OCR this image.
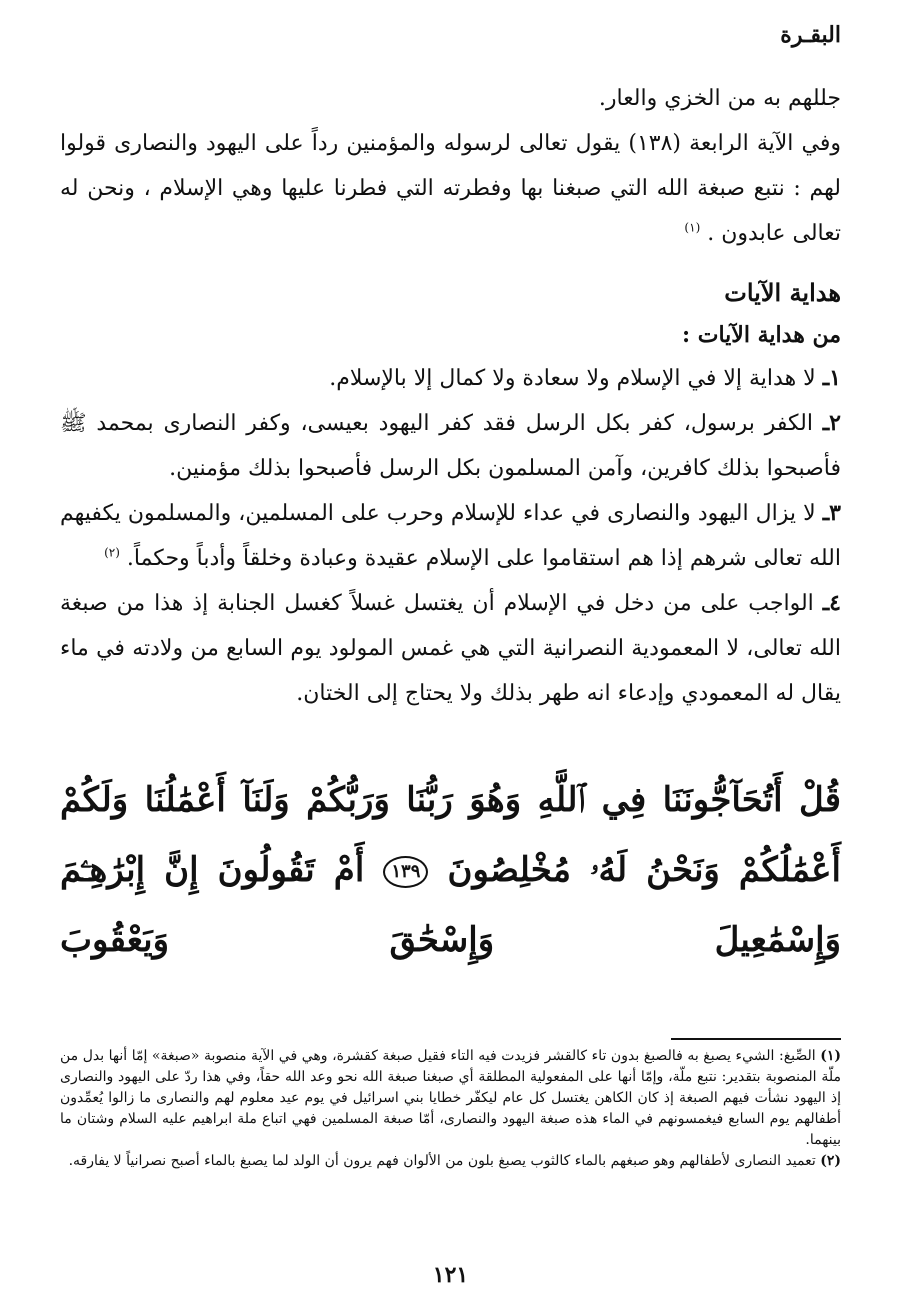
البقـرة

جللهم به من الخزي والعار.

وفي الآية الرابعة (١٣٨) يقول تعالى لرسوله والمؤمنين رداً على اليهود والنصارى قولوا لهم : نتبع صبغة الله التي صبغنا بها وفطرته التي فطرنا عليها وهي الإسلام ، ونحن له تعالى عابدون . $^{(١)}$

هداية الآيات
من هداية الآيات :

١ـ لا هداية إلا في الإسلام ولا سعادة ولا كمال إلا بالإسلام.

٢ـ الكفر برسول، كفر بكل الرسل فقد كفر اليهود بعيسى، وكفر النصارى بمحمد ﷺ فأصبحوا بذلك كافرين، وآمن المسلمون بكل الرسل فأصبحوا بذلك مؤمنين.

٣ـ لا يزال اليهود والنصارى في عداء للإسلام وحرب على المسلمين، والمسلمون يكفيهم الله تعالى شرهم إذا هم استقاموا على الإسلام عقيدة وعبادة وخلقاً وأدباً وحكماً. $^{(٢)}$

٤ـ الواجب على من دخل في الإسلام أن يغتسل غسلاً كغسل الجنابة إذ هذا من صبغة الله تعالى، لا المعمودية النصرانية التي هي غمس المولود يوم السابع من ولادته في ماء يقال له المعمودي وإدعاء انه طهر بذلك ولا يحتاج إلى الختان.

قُلْ أَتُحَآجُّونَنَا فِي ٱللَّهِ وَهُوَ رَبُّنَا وَرَبُّكُمْ وَلَنَآ أَعْمَٰلُنَا وَلَكُمْ أَعْمَٰلُكُمْ وَنَحْنُ لَهُۥ مُخْلِصُونَ ١٣٩ أَمْ تَقُولُونَ إِنَّ إِبْرَٰهِـۧمَ وَإِسْمَٰعِيلَ وَإِسْحَٰقَ وَيَعْقُوبَ

(١) الصِّبغ: الشيء يصبغ به فالصبغ بدون تاء كالقشر فزيدت فيه التاء فقيل صبغة كقشرة، وهي في الآية منصوبة «صبغة» إمّا أنها بدل من ملّة المنصوبة بتقدير: نتبع ملّة، وإمّا أنها على المفعولية المطلقة أي صبغنا صبغة الله نحو وعد الله حقاً، وفي هذا ردّ على اليهود والنصارى إذ اليهود نشأت فيهم الصبغة إذ كان الكاهن يغتسل كل عام ليكفّر خطايا بني اسرائيل في يوم عيد معلوم لهم والنصارى ما زالوا يُعمِّدون أطفالهم يوم السابع فيغمسونهم في الماء هذه صبغة اليهود والنصارى، أمّا صبغة المسلمين فهي اتباع ملة ابراهيم عليه السلام وشتان ما بينهما.

(٢) تعميد النصارى لأطفالهم وهو صبغهم بالماء كالثوب يصبغ بلون من الألوان فهم يرون أن الولد لما يصبغ بالماء أصبح نصرانياً لا يفارقه.

١٢١
